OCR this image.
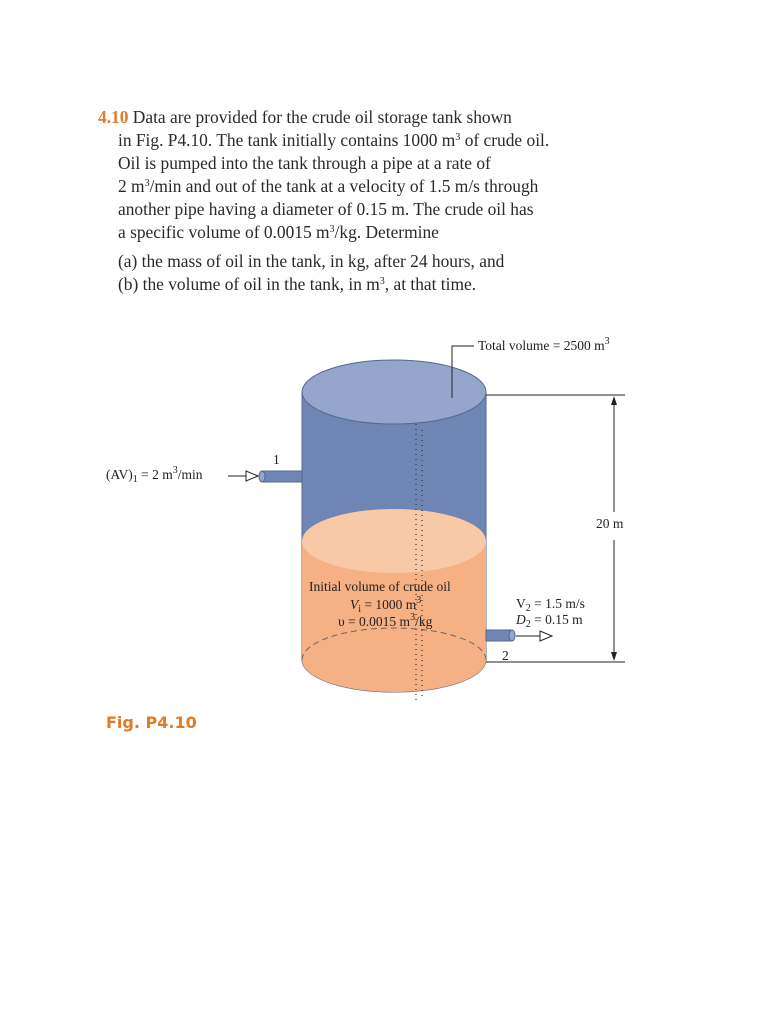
4.10 Data are provided for the crude oil storage tank shown
in Fig. P4.10. The tank initially contains 1000 $m^3$ of crude oil.
Oil is pumped into the tank through a pipe at a rate of
2 $m^3/\min$ and out of the tank at a velocity of 1.5 m/s through
another pipe having a diameter of 0.15 m. The crude oil has
a specific volume of 0.0015 $m^3/kg$. Determine
(a) the mass of oil in the tank, in kg, after 24 hours, and
(b) the volume of oil in the tank, in $m^3$, at that time.
Total volume = 2500 $m^3$
20 m
$(AV)_1 = 2$ $m^3/\min$
1
2
Initial volume of crude oil
$V_i = 1000$ $m^3$
υ = 0.0015 $m^3/kg$
$V_2 = 1.5$ m/s
$D_2 = 0.15$ m
Fig. P4.10
